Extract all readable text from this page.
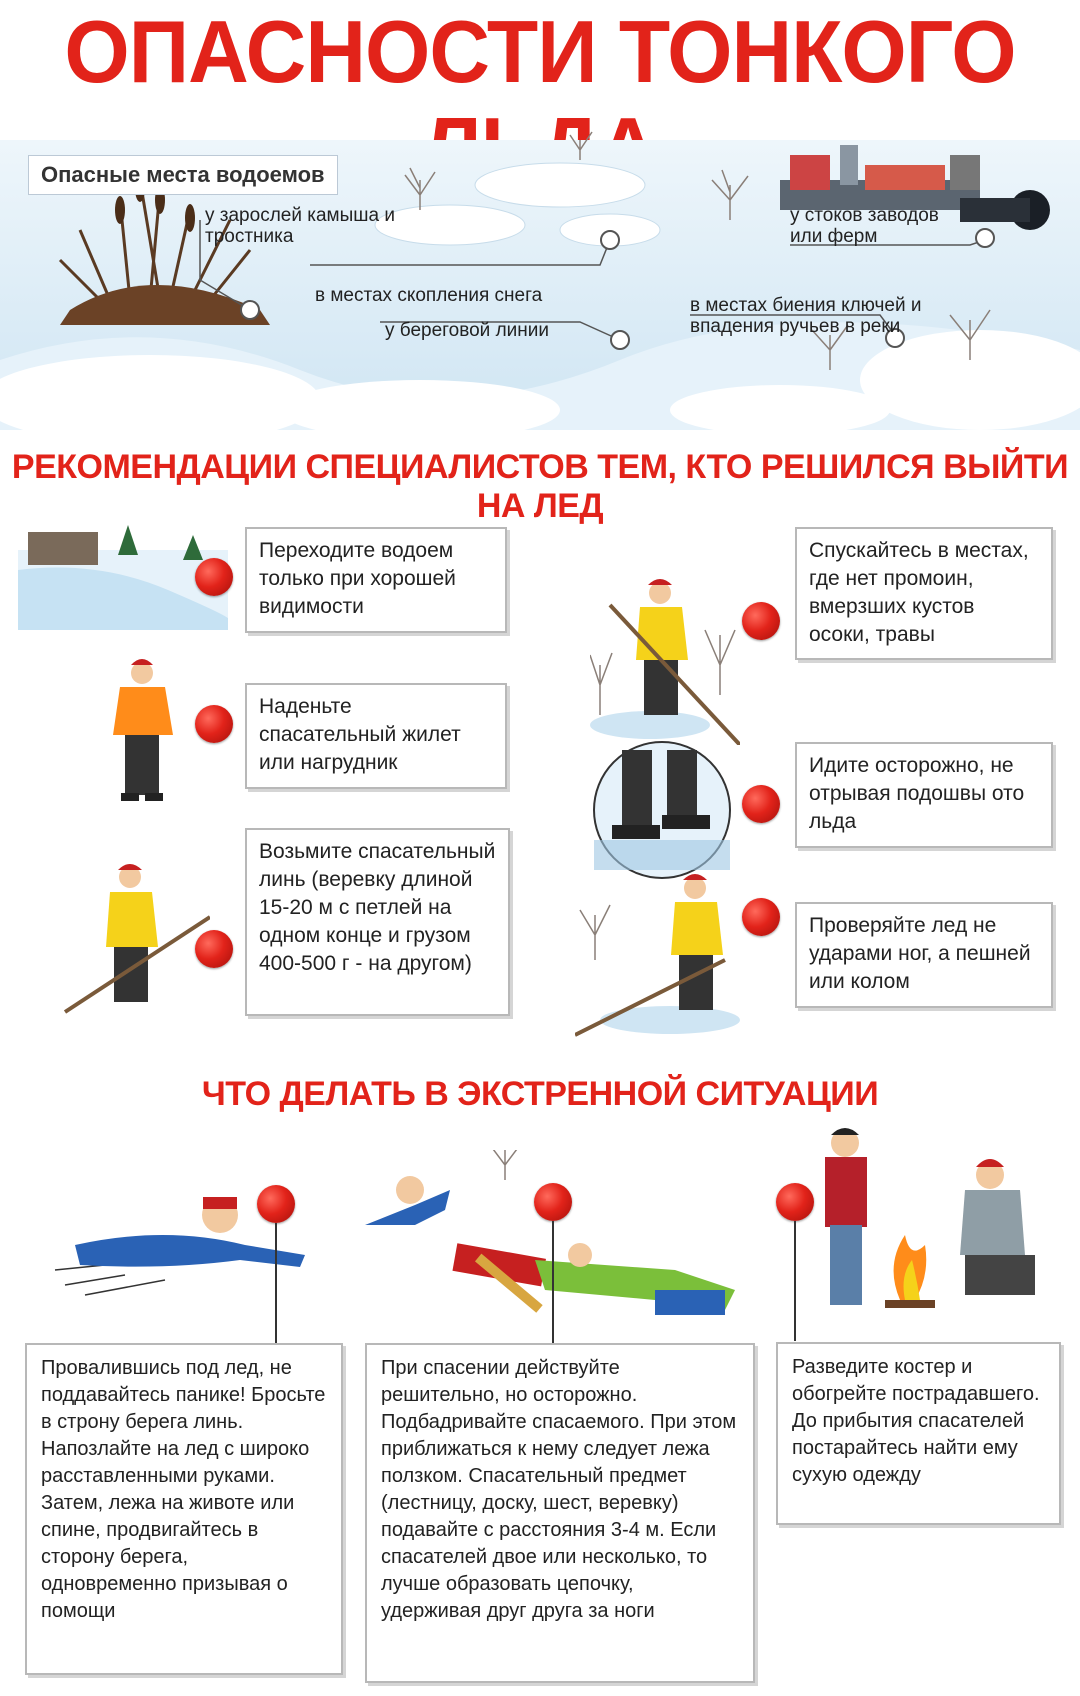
ОПАСНОСТИ ТОНКОГО
Опасные места водоемов
у зарослей камыша и тростника
в местах скопления снега
у береговой линии
у стоков заводов или ферм
в местах биения ключей и впадения ручьев в реки
РЕКОМЕНДАЦИИ СПЕЦИАЛИСТОВ ТЕМ, КТО РЕШИЛСЯ ВЫЙТИ НА ЛЕД
Переходите водоем только при хорошей видимости
Наденьте спасательный жилет или нагрудник
Возьмите спасательный линь (веревку длиной 15-20 м с петлей на одном конце и грузом 400-500 г - на другом)
Спускайтесь в местах, где нет промоин, вмерзших кустов осоки, травы
Идите осторожно, не отрывая подошвы ото льда
Проверяйте лед не ударами ног, а пешней или колом
ЧТО ДЕЛАТЬ В ЭКСТРЕННОЙ СИТУАЦИИ
Провалившись под лед, не поддавайтесь панике! Бросьте в строну берега линь. Напозлайте на лед с широко расставленными руками. Затем, лежа на животе или спине, продвигайтесь в сторону берега, одновременно призывая о помощи
При спасении действуйте решительно, но осторожно. Подбадривайте спасаемого. При этом приближаться к нему следует лежа ползком. Спасательный предмет (лестницу, доску, шест, веревку) подавайте с расстояния 3-4 м. Если спасателей двое или несколько, то лучше образовать цепочку, удерживая друг друга за ноги
Разведите костер и обогрейте пострадавшего. До прибытия спасателей постарайтесь найти ему сухую одежду
